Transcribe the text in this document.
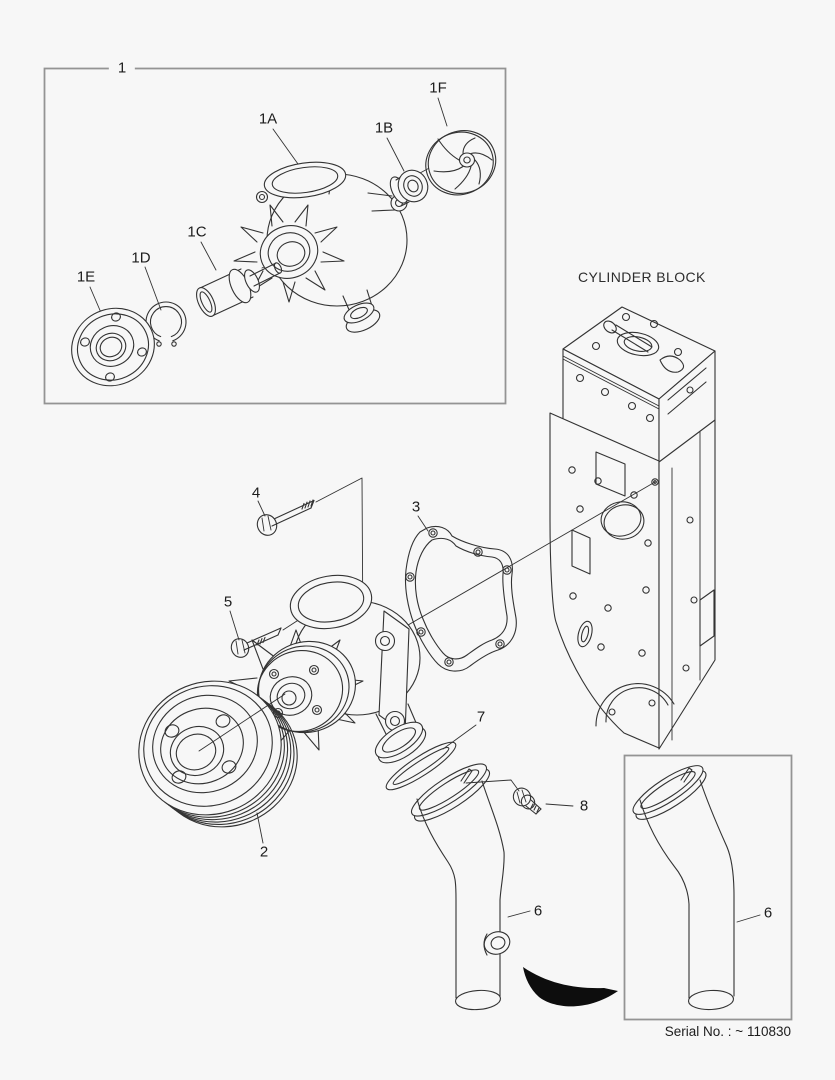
1
1A
1B
1F
1C
1D
1E	CYLINDER BLOCK
4
3
5
2
7
8
6	6
Serial No. : ~ 110830
